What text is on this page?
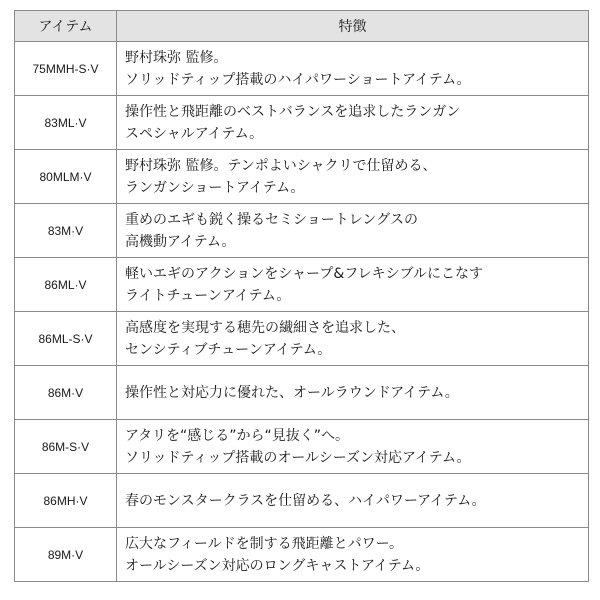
アイテム	特徴
75MMH-S·V	野村珠弥 監修。
ソリッドティップ搭載のハイパワーショートアイテム。

83ML·V	操作性と飛距離のベストバランスを追求したランガン
スペシャルアイテム。

80MLM·V	野村珠弥 監修。テンポよいシャクリで仕留める、
ランガンショートアイテム。

83M·V	重めのエギも鋭く操るセミショートレングスの
高機動アイテム。

86ML·V	軽いエギのアクションをシャープ&フレキシブルにこなす
ライトチューンアイテム。

86ML-S·V	高感度を実現する穂先の繊細さを追求した、
センシティブチューンアイテム。

86M·V	操作性と対応力に優れた、オールラウンドアイテム。

86M-S·V	アタリを“感じる”から“見抜く”へ。
ソリッドティップ搭載のオールシーズン対応アイテム。

86MH·V	春のモンスタークラスを仕留める、ハイパワーアイテム。

89M·V	広大なフィールドを制する飛距離とパワー。
オールシーズン対応のロングキャストアイテム。
